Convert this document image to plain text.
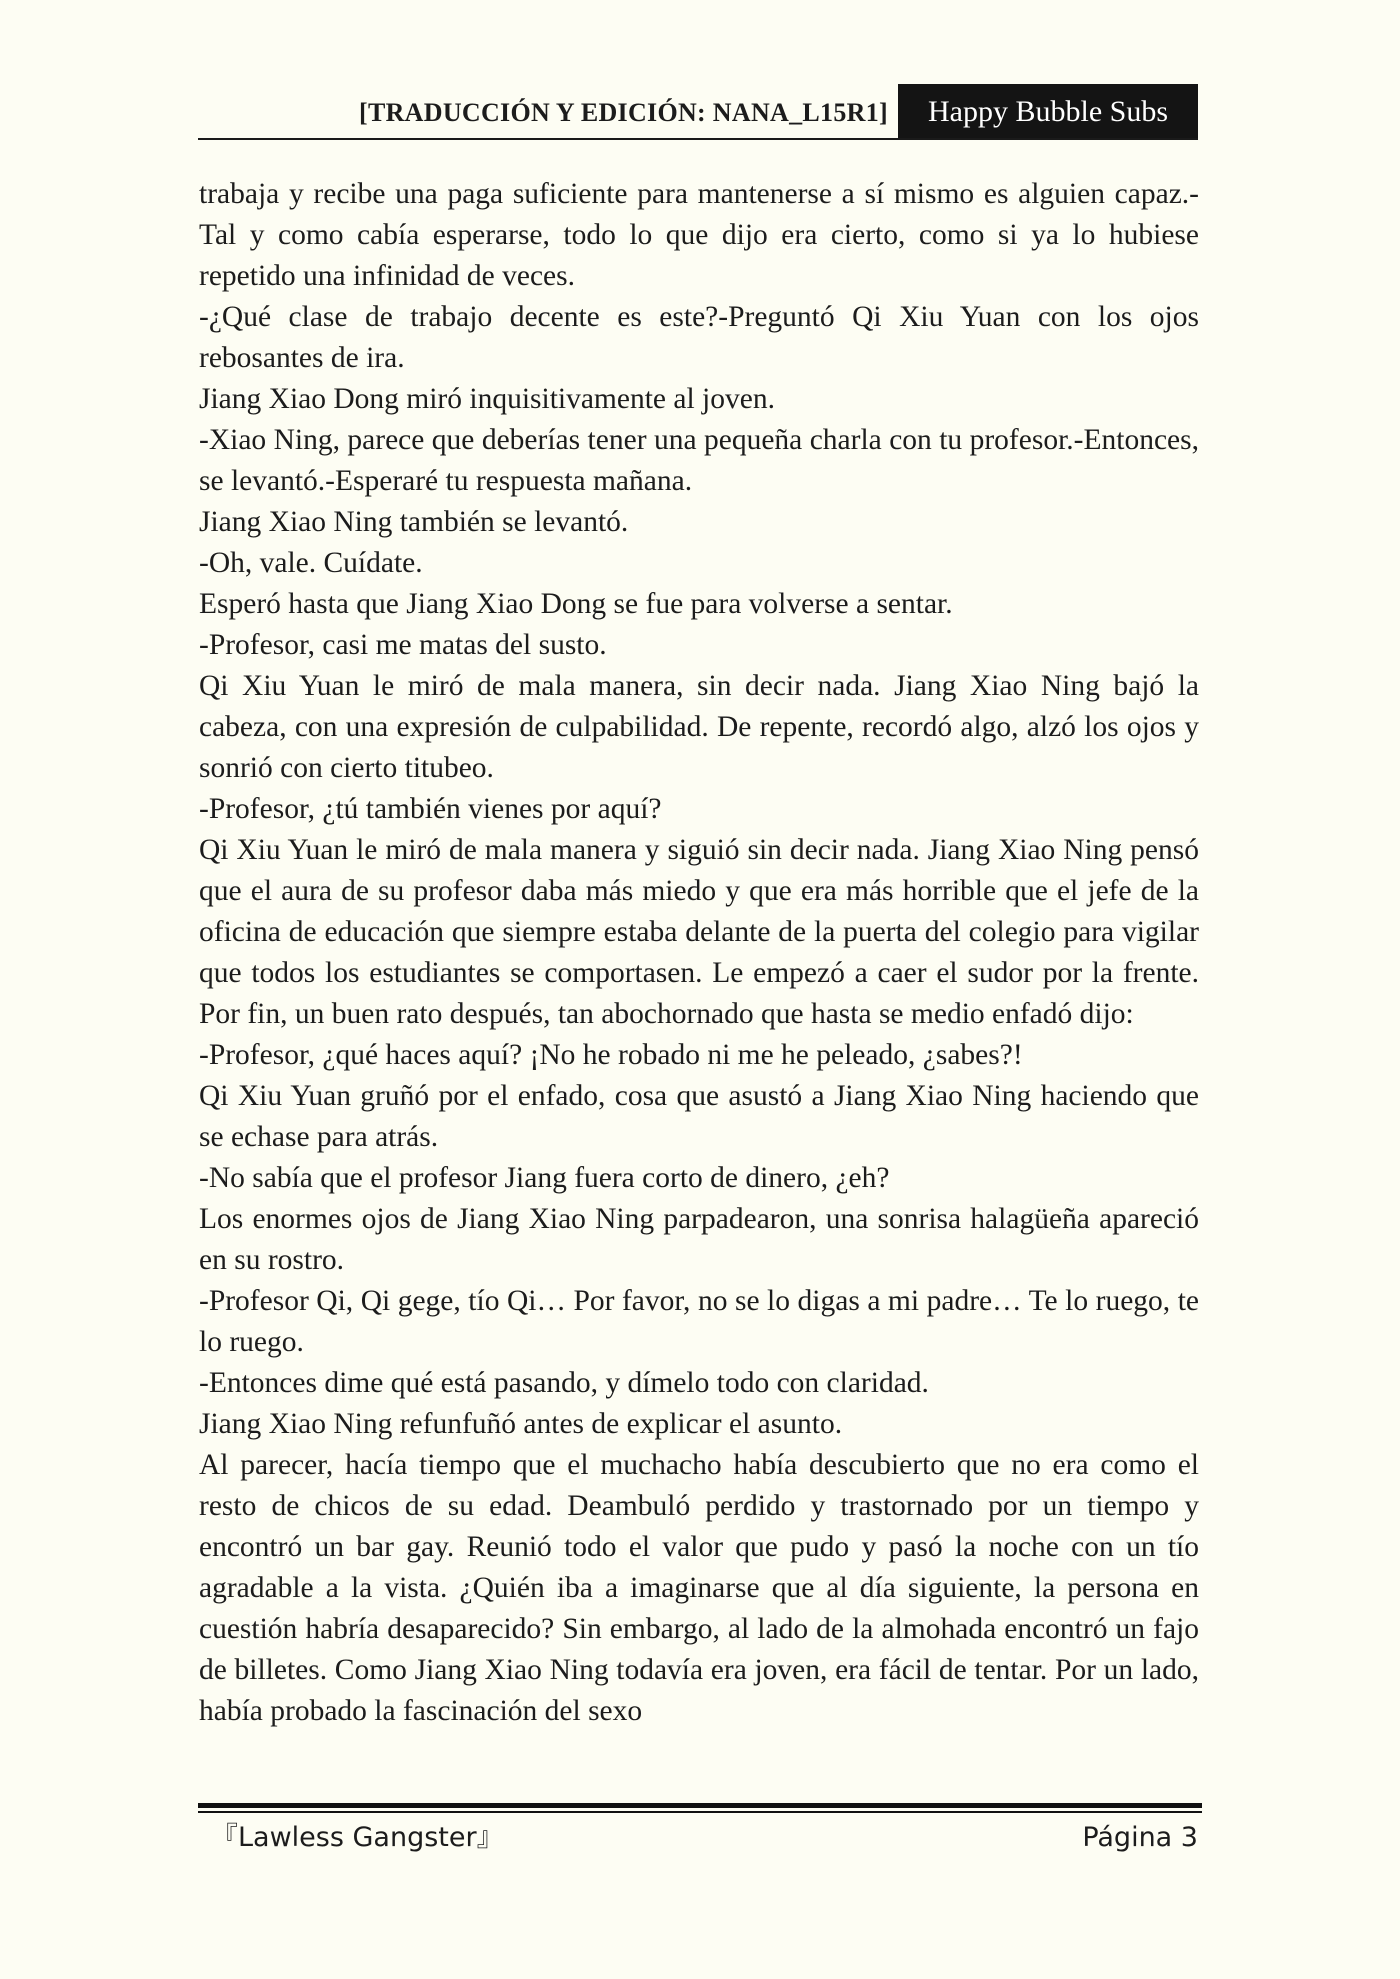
[TRADUCCIÓN Y EDICIÓN: NANA_L15R1]	Happy Bubble Subs

trabaja y recibe una paga suficiente para mantenerse a sí mismo es alguien capaz.-Tal y como cabía esperarse, todo lo que dijo era cierto, como si ya lo hubiese repetido una infinidad de veces.

-¿Qué clase de trabajo decente es este?-Preguntó Qi Xiu Yuan con los ojos rebosantes de ira.

Jiang Xiao Dong miró inquisitivamente al joven.

-Xiao Ning, parece que deberías tener una pequeña charla con tu profesor.-Entonces, se levantó.-Esperaré tu respuesta mañana.

Jiang Xiao Ning también se levantó.

-Oh, vale. Cuídate.

Esperó hasta que Jiang Xiao Dong se fue para volverse a sentar.

-Profesor, casi me matas del susto.

Qi Xiu Yuan le miró de mala manera, sin decir nada. Jiang Xiao Ning bajó la cabeza, con una expresión de culpabilidad. De repente, recordó algo, alzó los ojos y sonrió con cierto titubeo.

-Profesor, ¿tú también vienes por aquí?

Qi Xiu Yuan le miró de mala manera y siguió sin decir nada. Jiang Xiao Ning pensó que el aura de su profesor daba más miedo y que era más horrible que el jefe de la oficina de educación que siempre estaba delante de la puerta del colegio para vigilar que todos los estudiantes se comportasen. Le empezó a caer el sudor por la frente. Por fin, un buen rato después, tan abochornado que hasta se medio enfadó dijo:

-Profesor, ¿qué haces aquí? ¡No he robado ni me he peleado, ¿sabes?!

Qi Xiu Yuan gruñó por el enfado, cosa que asustó a Jiang Xiao Ning haciendo que se echase para atrás.

-No sabía que el profesor Jiang fuera corto de dinero, ¿eh?

Los enormes ojos de Jiang Xiao Ning parpadearon, una sonrisa halagüeña apareció en su rostro.

-Profesor Qi, Qi gege, tío Qi… Por favor, no se lo digas a mi padre… Te lo ruego, te lo ruego.

-Entonces dime qué está pasando, y dímelo todo con claridad.

Jiang Xiao Ning refunfuñó antes de explicar el asunto.

Al parecer, hacía tiempo que el muchacho había descubierto que no era como el resto de chicos de su edad. Deambuló perdido y trastornado por un tiempo y encontró un bar gay. Reunió todo el valor que pudo y pasó la noche con un tío agradable a la vista. ¿Quién iba a imaginarse que al día siguiente, la persona en cuestión habría desaparecido? Sin embargo, al lado de la almohada encontró un fajo de billetes. Como Jiang Xiao Ning todavía era joven, era fácil de tentar. Por un lado, había probado la fascinación del sexo

『Lawless Gangster』	Página 3
